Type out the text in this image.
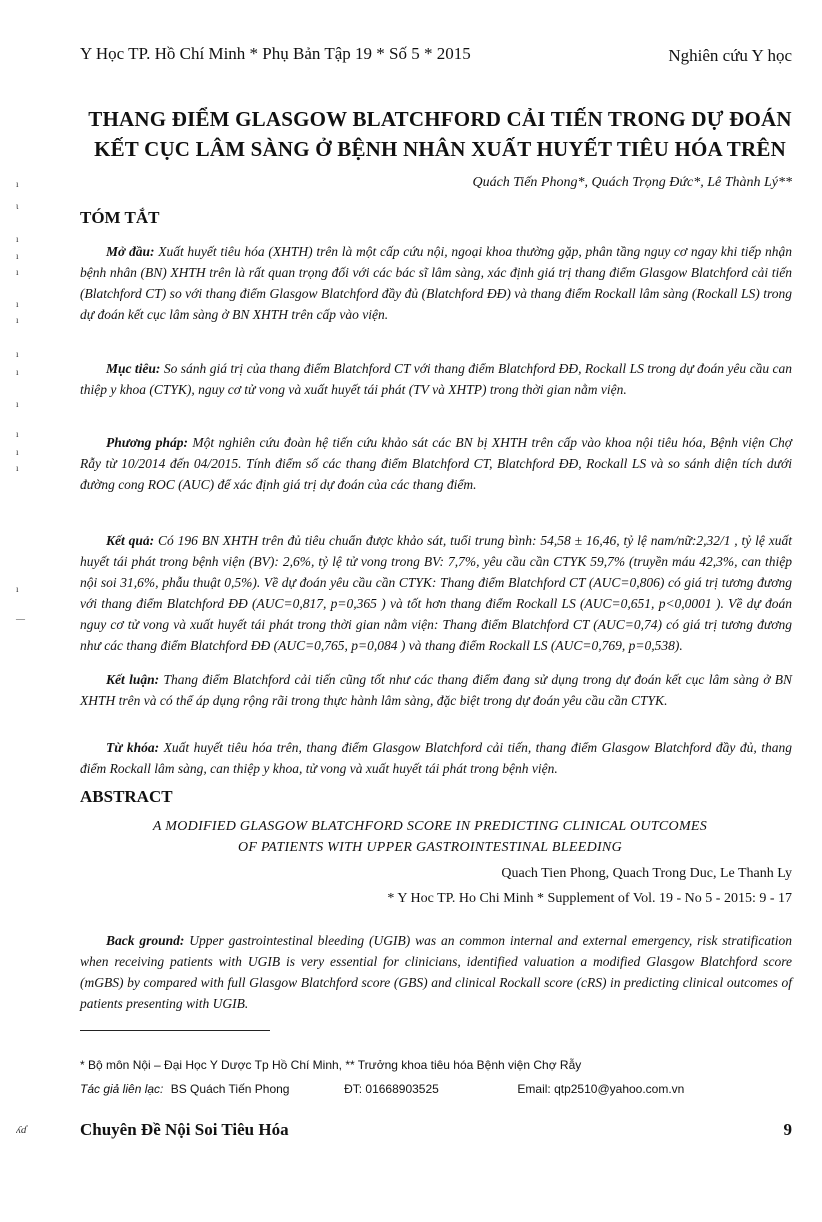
Y Học TP. Hồ Chí Minh * Phụ Bản Tập 19 * Số 5 * 2015	Nghiên cứu Y học
THANG ĐIỂM GLASGOW BLATCHFORD CẢI TIẾN TRONG DỰ ĐOÁN
KẾT CỤC LÂM SÀNG Ở BỆNH NHÂN XUẤT HUYẾT TIÊU HÓA TRÊN
Quách Tiến Phong*, Quách Trọng Đức*, Lê Thành Lý**
ı
ι
ı
ı
ı
ı
ı
ı
ı
ı
ı
ı
ı
ı
—
TÓM TẮT

Mở đầu: Xuất huyết tiêu hóa (XHTH) trên là một cấp cứu nội, ngoại khoa thường gặp, phân tầng nguy cơ ngay khi tiếp nhận bệnh nhân (BN) XHTH trên là rất quan trọng đối với các bác sĩ lâm sàng, xác định giá trị thang điểm Glasgow Blatchford cải tiến (Blatchford CT) so với thang điểm Glasgow Blatchford đầy đủ (Blatchford ĐĐ) và thang điểm Rockall lâm sàng (Rockall LS) trong dự đoán kết cục lâm sàng ở BN XHTH trên cấp vào viện.

Mục tiêu: So sánh giá trị của thang điểm Blatchford CT với thang điểm Blatchford ĐĐ, Rockall LS trong dự đoán yêu cầu can thiệp y khoa (CTYK), nguy cơ tử vong và xuất huyết tái phát (TV và XHTP) trong thời gian nằm viện.

Phương pháp: Một nghiên cứu đoàn hệ tiến cứu khảo sát các BN bị XHTH trên cấp vào khoa nội tiêu hóa, Bệnh viện Chợ Rẫy từ 10/2014 đến 04/2015. Tính điểm số các thang điểm Blatchford CT, Blatchford ĐĐ, Rockall LS và so sánh diện tích dưới đường cong ROC (AUC) để xác định giá trị dự đoán của các thang điểm.

Kết quả: Có 196 BN XHTH trên đủ tiêu chuẩn được khảo sát, tuổi trung bình: 54,58 ± 16,46, tỷ lệ nam/nữ:2,32/1 , tỷ lệ xuất huyết tái phát trong bệnh viện (BV): 2,6%, tỷ lệ tử vong trong BV: 7,7%, yêu cầu cần CTYK 59,7% (truyền máu 42,3%, can thiệp nội soi 31,6%, phẫu thuật 0,5%). Về dự đoán yêu cầu cần CTYK: Thang điểm Blatchford CT (AUC=0,806) có giá trị tương đương với thang điểm Blatchford ĐĐ (AUC=0,817, p=0,365 ) và tốt hơn thang điểm Rockall LS (AUC=0,651, p<0,0001 ). Về dự đoán nguy cơ tử vong và xuất huyết tái phát trong thời gian nằm viện: Thang điểm Blatchford CT (AUC=0,74) có giá trị tương đương như các thang điểm Blatchford ĐĐ (AUC=0,765, p=0,084 ) và thang điểm Rockall LS (AUC=0,769, p=0,538).

Kết luận: Thang điểm Blatchford cải tiến cũng tốt như các thang điểm đang sử dụng trong dự đoán kết cục lâm sàng ở BN XHTH trên và có thể áp dụng rộng rãi trong thực hành lâm sàng, đặc biệt trong dự đoán yêu cầu cần CTYK.

Từ khóa: Xuất huyết tiêu hóa trên, thang điểm Glasgow Blatchford cải tiến, thang điểm Glasgow Blatchford đầy đủ, thang điểm Rockall lâm sàng, can thiệp y khoa, tử vong và xuất huyết tái phát trong bệnh viện.

ABSTRACT
A MODIFIED GLASGOW BLATCHFORD SCORE IN PREDICTING CLINICAL OUTCOMES
OF PATIENTS WITH UPPER GASTROINTESTINAL BLEEDING
Quach Tien Phong, Quach Trong Duc, Le Thanh Ly
* Y Hoc TP. Ho Chi Minh * Supplement of Vol. 19 - No 5 - 2015: 9 - 17

Back ground: Upper gastrointestinal bleeding (UGIB) was an common internal and external emergency, risk stratification when receiving patients with UGIB is very essential for clinicians, identified valuation a modified Glasgow Blatchford score (mGBS) by compared with full Glasgow Blatchford score (GBS) and clinical Rockall score (cRS) in predicting clinical outcomes of patients presenting with UGIB.

* Bộ môn Nội – Đại Học Y Dược Tp Hồ Chí Minh, ** Trưởng khoa tiêu hóa Bệnh viện Chợ Rẫy
Tác giả liên lạc: BS Quách Tiến Phong	ĐT: 01668903525	Email: qtp2510@yahoo.com.vn
ʎɗ	Chuyên Đề Nội Soi Tiêu Hóa	9
